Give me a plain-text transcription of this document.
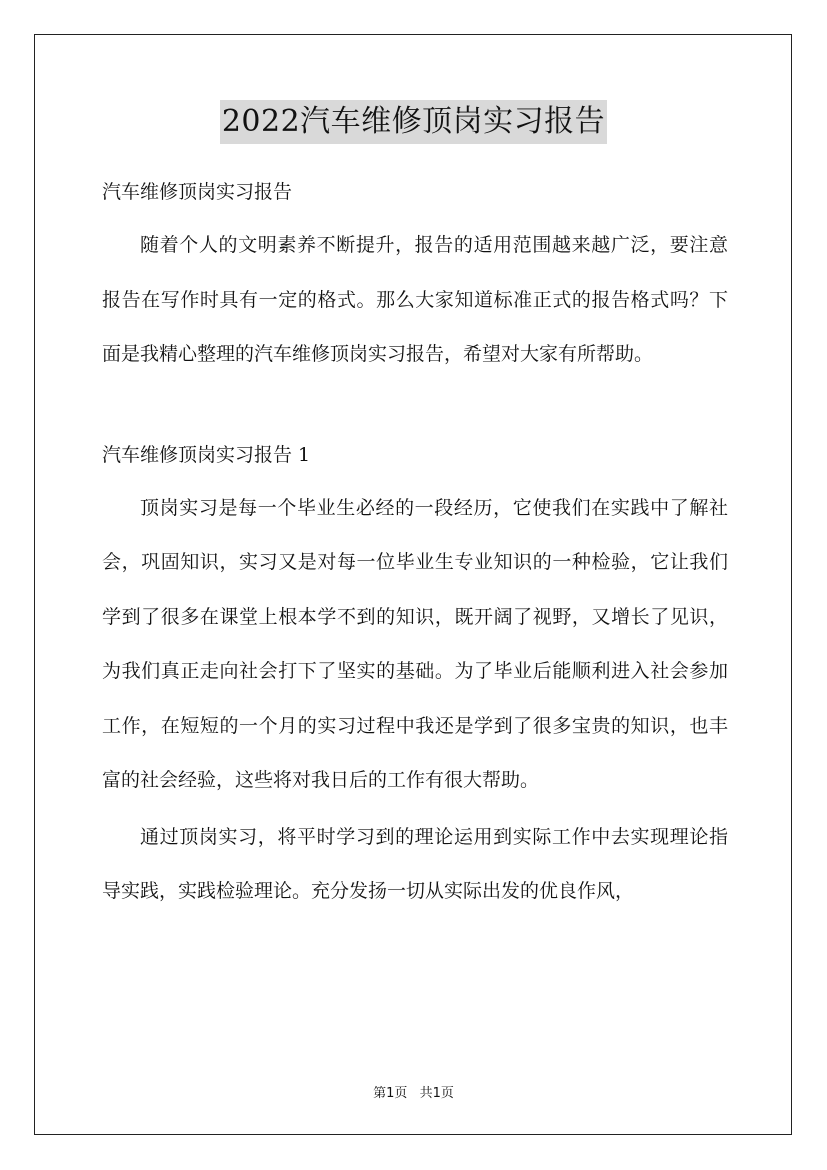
2022汽车维修顶岗实习报告

汽车维修顶岗实习报告

随着个人的文明素养不断提升，报告的适用范围越来越广泛，要注意报告在写作时具有一定的格式。那么大家知道标准正式的报告格式吗？下面是我精心整理的汽车维修顶岗实习报告，希望对大家有所帮助。

汽车维修顶岗实习报告 1

顶岗实习是每一个毕业生必经的一段经历，它使我们在实践中了解社会，巩固知识，实习又是对每一位毕业生专业知识的一种检验，它让我们学到了很多在课堂上根本学不到的知识，既开阔了视野，又增长了见识，为我们真正走向社会打下了坚实的基础。为了毕业后能顺利进入社会参加工作，在短短的一个月的实习过程中我还是学到了很多宝贵的知识，也丰富的社会经验，这些将对我日后的工作有很大帮助。

通过顶岗实习，将平时学习到的理论运用到实际工作中去实现理论指导实践，实践检验理论。充分发扬一切从实际出发的优良作风，

第1页 共1页
